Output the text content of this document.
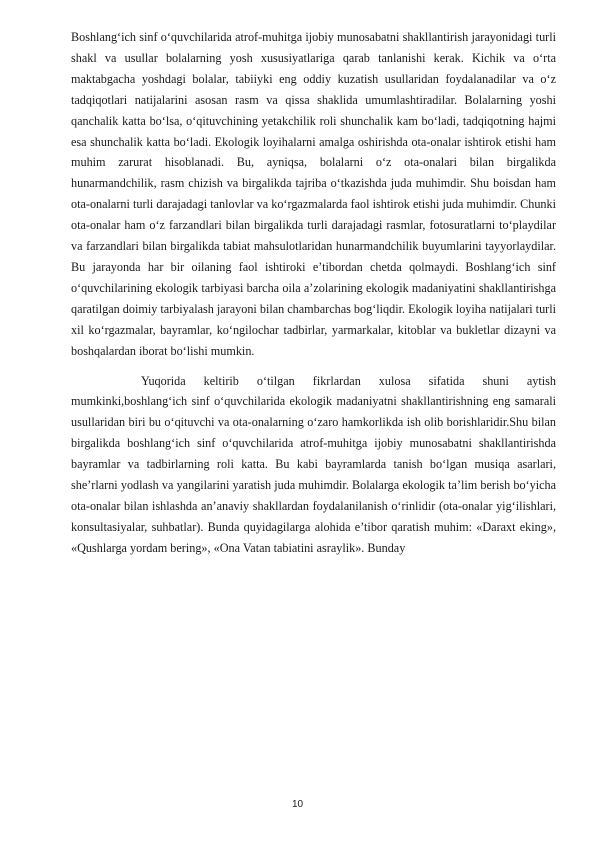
Boshlang‘ich sinf o‘quvchilarida atrof-muhitga ijobiy munosabatni shakllantirish jarayonidagi turli shakl va usullar bolalarning yosh xususiyatlariga qarab tanlanishi kerak. Kichik va o‘rta maktabgacha yoshdagi bolalar, tabiiyki eng oddiy kuzatish usullaridan foydalanadilar va o‘z tadqiqotlari natijalarini asosan rasm va qissa shaklida umumlashtiradilar. Bolalarning yoshi qanchalik katta bo‘lsa, o‘qituvchining yetakchilik roli shunchalik kam bo‘ladi, tadqiqotning hajmi esa shunchalik katta bo‘ladi. Ekologik loyihalarni amalga oshirishda ota-onalar ishtirok etishi ham muhim zarurat hisoblanadi. Bu, ayniqsa, bolalarni o‘z ota-onalari bilan birgalikda hunarmandchilik, rasm chizish va birgalikda tajriba o‘tkazishda juda muhimdir. Shu boisdan ham ota-onalarni turli darajadagi tanlovlar va ko‘rgazmalarda faol ishtirok etishi juda muhimdir. Chunki ota-onalar ham o‘z farzandlari bilan birgalikda turli darajadagi rasmlar, fotosuratlarni to‘playdilar va farzandlari bilan birgalikda tabiat mahsulotlaridan hunarmandchilik buyumlarini tayyorlaydilar. Bu jarayonda har bir oilaning faol ishtiroki e’tibordan chetda qolmaydi. Boshlang‘ich sinf o‘quvchilarining ekologik tarbiyasi barcha oila a’zolarining ekologik madaniyatini shakllantirishga qaratilgan doimiy tarbiyalash jarayoni bilan chambarchas bog‘liqdir. Ekologik loyiha natijalari turli xil ko‘rgazmalar, bayramlar, ko‘ngilochar tadbirlar, yarmarkalar, kitoblar va bukletlar dizayni va boshqalardan iborat bo‘lishi mumkin.

Yuqorida keltirib o‘tilgan fikrlardan xulosa sifatida shuni aytish mumkinki,boshlang‘ich sinf o‘quvchilarida ekologik madaniyatni shakllantirishning eng samarali usullaridan biri bu o‘qituvchi va ota-onalarning o‘zaro hamkorlikda ish olib borishlaridir.Shu bilan birgalikda boshlang‘ich sinf o‘quvchilarida atrof-muhitga ijobiy munosabatni shakllantirishda bayramlar va tadbirlarning roli katta. Bu kabi bayramlarda tanish bo‘lgan musiqa asarlari, she’rlarni yodlash va yangilarini yaratish juda muhimdir. Bolalarga ekologik ta’lim berish bo‘yicha ota-onalar bilan ishlashda an’anaviy shakllardan foydalanilanish o‘rinlidir (ota-onalar yig‘ilishlari, konsultasiyalar, suhbatlar). Bunda quyidagilarga alohida e’tibor qaratish muhim: «Daraxt eking», «Qushlarga yordam bering», «Ona Vatan tabiatini asraylik». Bunday

10
